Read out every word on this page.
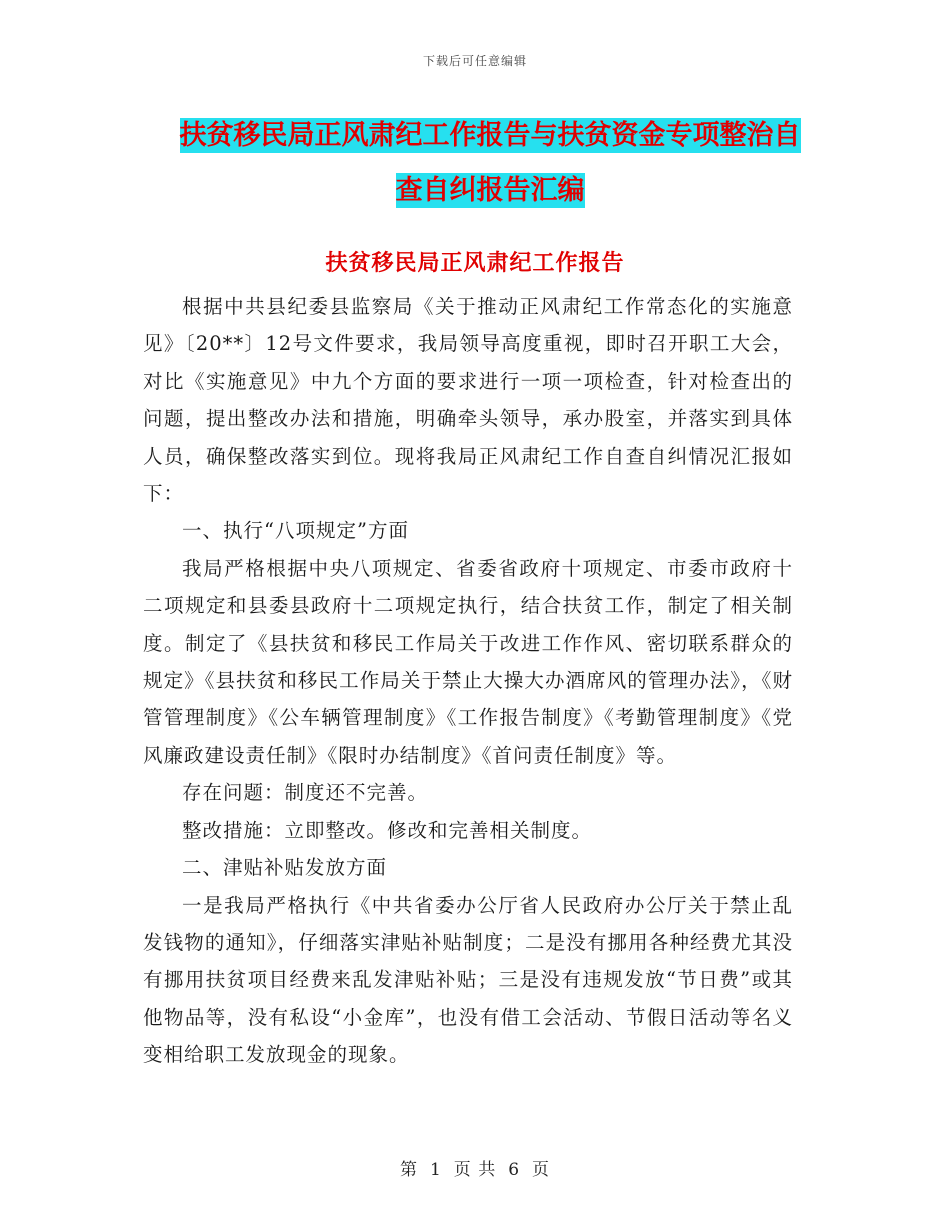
下载后可任意编辑
扶贫移民局正风肃纪工作报告与扶贫资金专项整治自
查自纠报告汇编
扶贫移民局正风肃纪工作报告

根据中共县纪委县监察局《关于推动正风肃纪工作常态化的实施意见》〔20**〕12号文件要求，我局领导高度重视，即时召开职工大会，对比《实施意见》中九个方面的要求进行一项一项检查，针对检查出的问题，提出整改办法和措施，明确牵头领导，承办股室，并落实到具体人员，确保整改落实到位。现将我局正风肃纪工作自查自纠情况汇报如下：

一、执行“八项规定”方面

我局严格根据中央八项规定、省委省政府十项规定、市委市政府十二项规定和县委县政府十二项规定执行，结合扶贫工作，制定了相关制度。制定了《县扶贫和移民工作局关于改进工作作风、密切联系群众的规定》《县扶贫和移民工作局关于禁止大操大办酒席风的管理办法》，《财管管理制度》《公车辆管理制度》《工作报告制度》《考勤管理制度》《党风廉政建设责任制》《限时办结制度》《首问责任制度》等。

存在问题：制度还不完善。

整改措施：立即整改。修改和完善相关制度。

二、津贴补贴发放方面

一是我局严格执行《中共省委办公厅省人民政府办公厅关于禁止乱发钱物的通知》，仔细落实津贴补贴制度；二是没有挪用各种经费尤其没有挪用扶贫项目经费来乱发津贴补贴；三是没有违规发放“节日费”或其他物品等，没有私设“小金库”，也没有借工会活动、节假日活动等名义变相给职工发放现金的现象。

第 1 页 共 6 页
